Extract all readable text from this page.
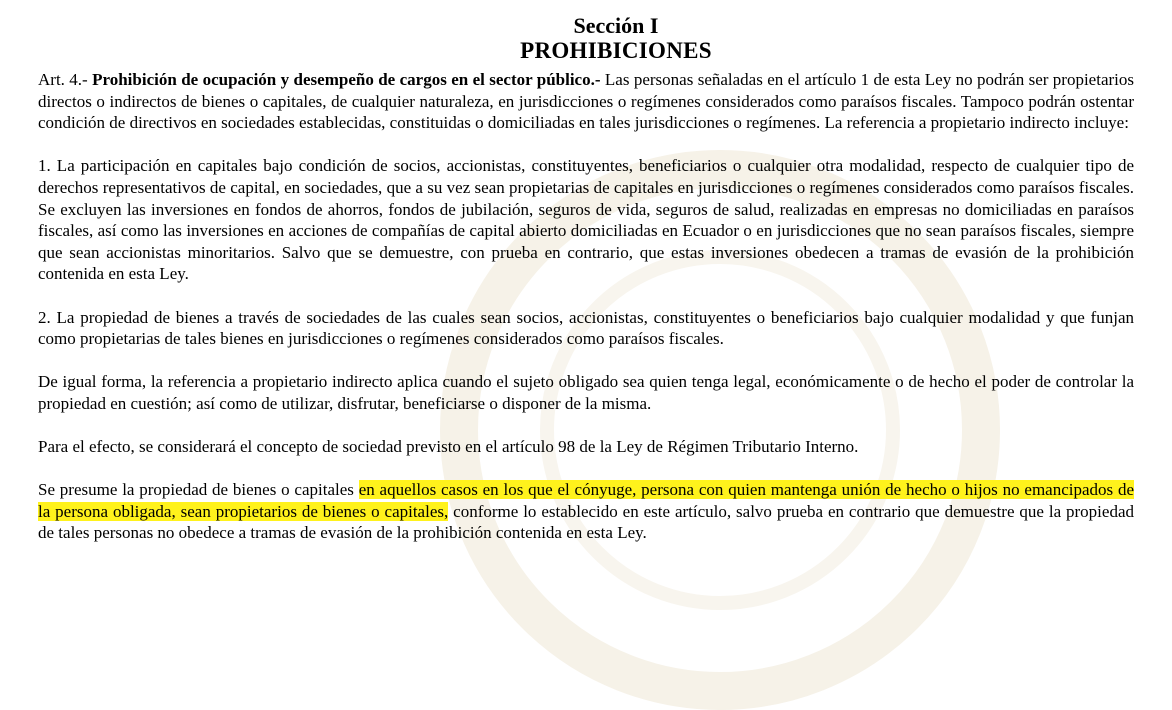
Sección I
PROHIBICIONES

Art. 4.- Prohibición de ocupación y desempeño de cargos en el sector público.- Las personas señaladas en el artículo 1 de esta Ley no podrán ser propietarios directos o indirectos de bienes o capitales, de cualquier naturaleza, en jurisdicciones o regímenes considerados como paraísos fiscales. Tampoco podrán ostentar condición de directivos en sociedades establecidas, constituidas o domiciliadas en tales jurisdicciones o regímenes. La referencia a propietario indirecto incluye:

1. La participación en capitales bajo condición de socios, accionistas, constituyentes, beneficiarios o cualquier otra modalidad, respecto de cualquier tipo de derechos representativos de capital, en sociedades, que a su vez sean propietarias de capitales en jurisdicciones o regímenes considerados como paraísos fiscales. Se excluyen las inversiones en fondos de ahorros, fondos de jubilación, seguros de vida, seguros de salud, realizadas en empresas no domiciliadas en paraísos fiscales, así como las inversiones en acciones de compañías de capital abierto domiciliadas en Ecuador o en jurisdicciones que no sean paraísos fiscales, siempre que sean accionistas minoritarios. Salvo que se demuestre, con prueba en contrario, que estas inversiones obedecen a tramas de evasión de la prohibición contenida en esta Ley.

2. La propiedad de bienes a través de sociedades de las cuales sean socios, accionistas, constituyentes o beneficiarios bajo cualquier modalidad y que funjan como propietarias de tales bienes en jurisdicciones o regímenes considerados como paraísos fiscales.

De igual forma, la referencia a propietario indirecto aplica cuando el sujeto obligado sea quien tenga legal, económicamente o de hecho el poder de controlar la propiedad en cuestión; así como de utilizar, disfrutar, beneficiarse o disponer de la misma.

Para el efecto, se considerará el concepto de sociedad previsto en el artículo 98 de la Ley de Régimen Tributario Interno.

Se presume la propiedad de bienes o capitales en aquellos casos en los que el cónyuge, persona con quien mantenga unión de hecho o hijos no emancipados de la persona obligada, sean propietarios de bienes o capitales, conforme lo establecido en este artículo, salvo prueba en contrario que demuestre que la propiedad de tales personas no obedece a tramas de evasión de la prohibición contenida en esta Ley.
